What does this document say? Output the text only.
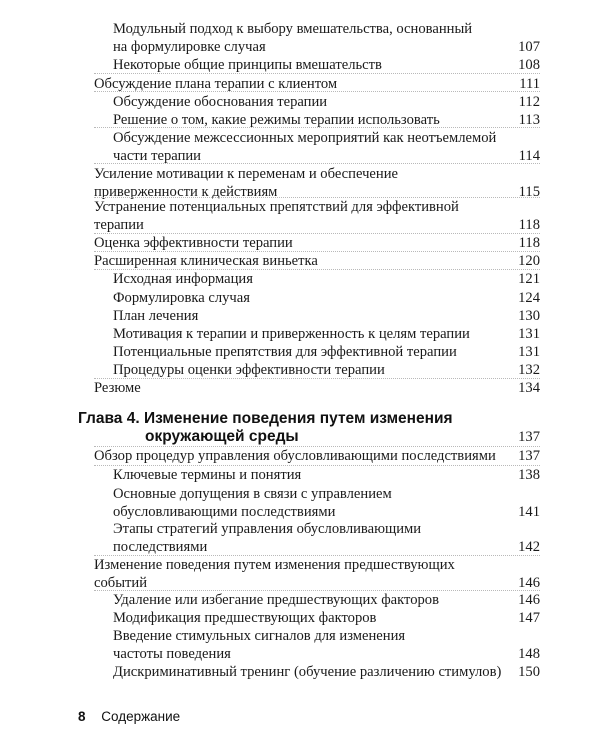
Модульный подход к выбору вмешательства, основанный
на формулировке случая	107
Некоторые общие принципы вмешательств	108
Обсуждение плана терапии с клиентом	111
Обсуждение обоснования терапии	112
Решение о том, какие режимы терапии использовать	113
Обсуждение межсессионных мероприятий как неотъемлемой
части терапии	114
Усиление мотивации к переменам и обеспечение
приверженности к действиям	115
Устранение потенциальных препятствий для эффективной
терапии	118
Оценка эффективности терапии	118
Расширенная клиническая виньетка	120
Исходная информация	121
Формулировка случая	124
План лечения	130
Мотивация к терапии и приверженность к целям терапии	131
Потенциальные препятствия для эффективной терапии	131
Процедуры оценки эффективности терапии	132
Резюме	134
Глава 4. Изменение поведения путем изменения
окружающей среды	137
Обзор процедур управления обусловливающими последствиями	137
Ключевые термины и понятия	138
Основные допущения в связи с управлением
обусловливающими последствиями	141
Этапы стратегий управления обусловливающими
последствиями	142
Изменение поведения путем изменения предшествующих
событий	146
Удаление или избегание предшествующих факторов	146
Модификация предшествующих факторов	147
Введение стимульных сигналов для изменения
частоты поведения	148
Дискриминативный тренинг (обучение различению стимулов)	150
8 Содержание
